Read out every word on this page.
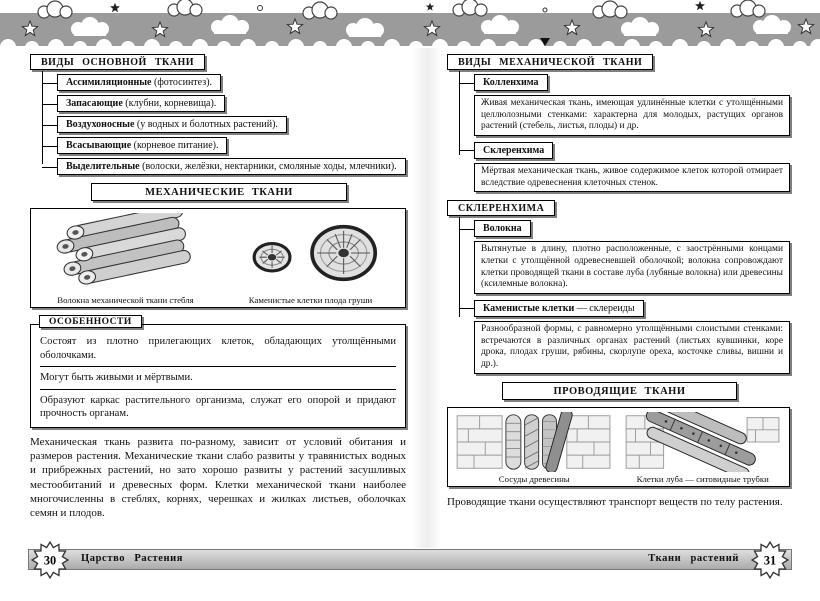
ВИДЫ ОСНОВНОЙ ТКАНИ
Ассимиляционные (фотосинтез).
Запасающие (клубни, корневища).
Воздухоносные (у водных и болотных растений).
Всасывающие (корневое питание).
Выделительные (волоски, желёзки, нектарники, смоляные ходы, млечники).
МЕХАНИЧЕСКИЕ ТКАНИ
Волокна механической ткани стебля	Каменистые клетки плода груши
ОСОБЕННОСТИ
Состоят из плотно прилегающих клеток, обладающих утолщёнными оболочками.
Могут быть живыми и мёртвыми.
Образуют каркас растительного организма, служат его опорой и придают прочность органам.

Механическая ткань развита по-разному, зависит от условий обитания и размеров растения. Механические ткани слабо развиты у травянистых водных и прибрежных растений, но зато хорошо развиты у растений засушливых местообитаний и древесных форм. Клетки механической ткани наиболее многочисленны в стеблях, корнях, черешках и жилках листьев, оболочках семян и плодов.

ВИДЫ МЕХАНИЧЕСКОЙ ТКАНИ
Колленхима
Живая механическая ткань, имеющая удлинённые клетки с утолщёнными целлюлозными стенками: характерна для молодых, растущих органов растений (стебель, листья, плоды) и др.
Склеренхима
Мёртвая механическая ткань, живое содержимое клеток которой отмирает вследствие одревеснения клеточных стенок.
СКЛЕРЕНХИМА
Волокна
Вытянутые в длину, плотно расположенные, с заострёнными концами клетки с утолщённой одревесневшей оболочкой; волокна сопровождают клетки проводящей ткани в составе луба (лубяные волокна) или древесины (ксилемные волокна).
Каменистые клетки — склереиды
Разнообразной формы, с равномерно утолщёнными слоистыми стенками: встречаются в различных органах растений (листьях кувшинки, коре дрока, плодах груши, рябины, скорлупе ореха, косточке сливы, вишни и др.).
ПРОВОДЯЩИЕ ТКАНИ
Сосуды древесины	Клетки луба — ситовидные трубки

Проводящие ткани осуществляют транспорт веществ по телу растения.

30 Царство Растения	Ткани растений 31
